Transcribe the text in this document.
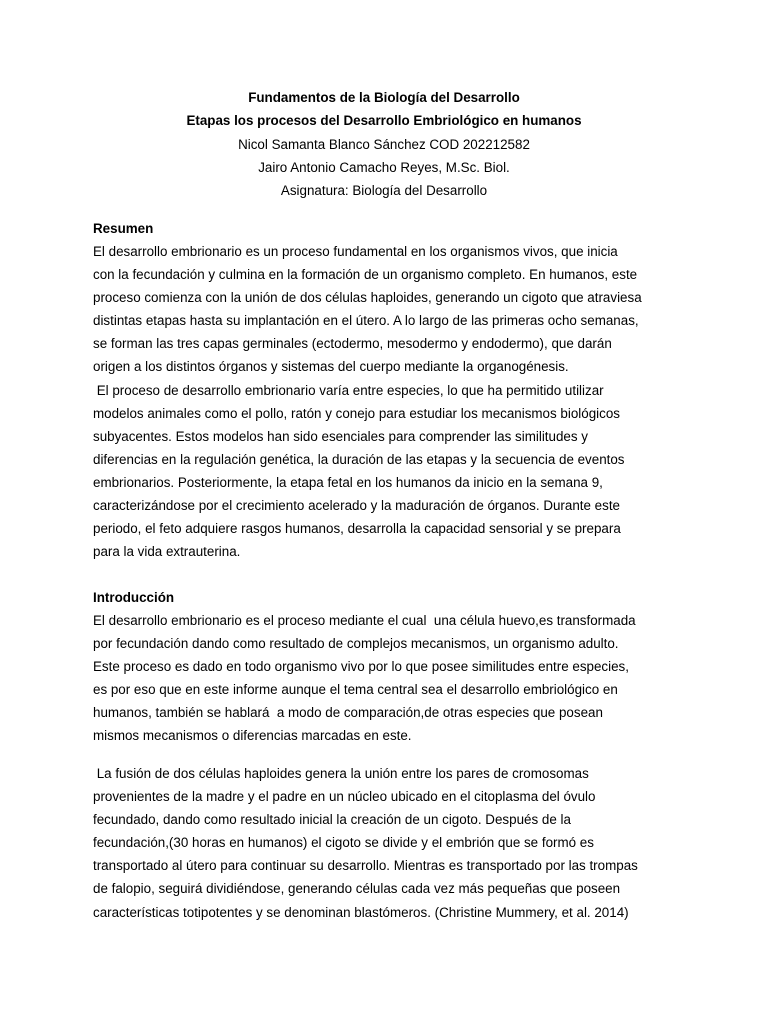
Fundamentos de la Biología del Desarrollo
Etapas los procesos del Desarrollo Embriológico en humanos
Nicol Samanta Blanco Sánchez COD 202212582
Jairo Antonio Camacho Reyes, M.Sc. Biol.
Asignatura: Biología del Desarrollo
Resumen
El desarrollo embrionario es un proceso fundamental en los organismos vivos, que inicia
con la fecundación y culmina en la formación de un organismo completo. En humanos, este
proceso comienza con la unión de dos células haploides, generando un cigoto que atraviesa
distintas etapas hasta su implantación en el útero. A lo largo de las primeras ocho semanas,
se forman las tres capas germinales (ectodermo, mesodermo y endodermo), que darán
origen a los distintos órganos y sistemas del cuerpo mediante la organogénesis.
El proceso de desarrollo embrionario varía entre especies, lo que ha permitido utilizar
modelos animales como el pollo, ratón y conejo para estudiar los mecanismos biológicos
subyacentes. Estos modelos han sido esenciales para comprender las similitudes y
diferencias en la regulación genética, la duración de las etapas y la secuencia de eventos
embrionarios. Posteriormente, la etapa fetal en los humanos da inicio en la semana 9,
caracterizándose por el crecimiento acelerado y la maduración de órganos. Durante este
periodo, el feto adquiere rasgos humanos, desarrolla la capacidad sensorial y se prepara
para la vida extrauterina.
Introducción
El desarrollo embrionario es el proceso mediante el cual  una célula huevo,es transformada
por fecundación dando como resultado de complejos mecanismos, un organismo adulto.
Este proceso es dado en todo organismo vivo por lo que posee similitudes entre especies,
es por eso que en este informe aunque el tema central sea el desarrollo embriológico en
humanos, también se hablará  a modo de comparación,de otras especies que posean
mismos mecanismos o diferencias marcadas en este.
La fusión de dos células haploides genera la unión entre los pares de cromosomas
provenientes de la madre y el padre en un núcleo ubicado en el citoplasma del óvulo
fecundado, dando como resultado inicial la creación de un cigoto. Después de la
fecundación,(30 horas en humanos) el cigoto se divide y el embrión que se formó es
transportado al útero para continuar su desarrollo. Mientras es transportado por las trompas
de falopio, seguirá dividiéndose, generando células cada vez más pequeñas que poseen
características totipotentes y se denominan blastómeros. (Christine Mummery, et al. 2014)
